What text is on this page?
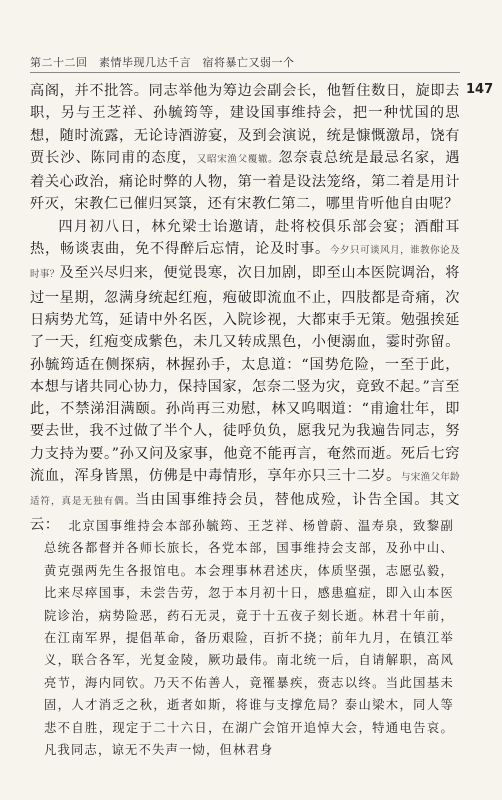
第二十二回　素情毕现几达千言　宿将暴亡又弱一个
147

高阁，并不批答。同志举他为筹边会副会长，他暂住数日，旋即去职，另与王芝祥、孙毓筠等，建设国事维持会，把一种忧国的思想，随时流露，无论诗酒游宴，及到会演说，统是慷慨激昂，饶有贾长沙、陈同甫的态度，又昭宋渔父覆辙。忽奈袁总统是最忌名家，遇着关心政治，痛论时弊的人物，第一着是设法笼络，第二着是用计歼灭，宋教仁已催归冥箓，还有宋教仁第二，哪里肯听他自由呢？

四月初八日，林允梁士诒邀请，赴将校俱乐部会宴；酒酣耳热，畅谈衷曲，免不得醉后忘情，论及时事。今夕只可谈风月，谁教你论及时事？及至兴尽归来，便觉畏寒，次日加剧，即至山本医院调治，将过一星期，忽满身统起红疱，疱破即流血不止，四肢都是奇痛，次日病势尤笃，延请中外名医，入院诊视，大都束手无策。勉强挨延了一天，红疱变成紫色，未几又转成黑色，小便溺血，霎时弥留。孙毓筠适在侧探病，林握孙手，太息道：“国势危险，一至于此，本想与诸共同心协力，保持国家，怎奈二竖为灾，竟致不起。”言至此，不禁涕泪满颐。孙尚再三劝慰，林又呜咽道：“甫逾壮年，即要去世，我不过做了半个人，徒呼负负，愿我兄为我遍告同志，努力支持为要。”孙又问及家事，他竟不能再言，奄然而逝。死后七窍流血，浑身皆黑，仿佛是中毒情形，享年亦只三十二岁。与宋渔父年龄适符，真是无独有偶。当由国事维持会员，替他成殓，讣告全国。其文云： 北京国事维持会本部孙毓筠、王芝祥、杨曾蔚、温寿泉，致黎副总统各都督并各师长旅长，各党本部，国事维持会支部，及孙中山、黄克强两先生各报馆电。本会理事林君述庆，体质坚强，志愿弘毅，比来尽瘁国事，未尝告劳，忽于本月初十日，感患瘟症，即入山本医院诊治，病势险恶，药石无灵，竟于十五夜子刻长逝。林君十年前，在江南军界，提倡革命，备历艰险，百折不挠；前年九月，在镇江举义，联合各军，光复金陵，厥功最伟。南北统一后，自请解职，高风亮节，海内同钦。乃天不佑善人，竟罹暴疾，赍志以终。当此国基未固，人才消乏之秋，逝者如斯，将谁与支撑危局？泰山梁木，同人等悲不自胜，现定于二十六日，在湖广会馆开追悼大会，特通电告哀。凡我同志，谅无不失声一恸，但林君身
